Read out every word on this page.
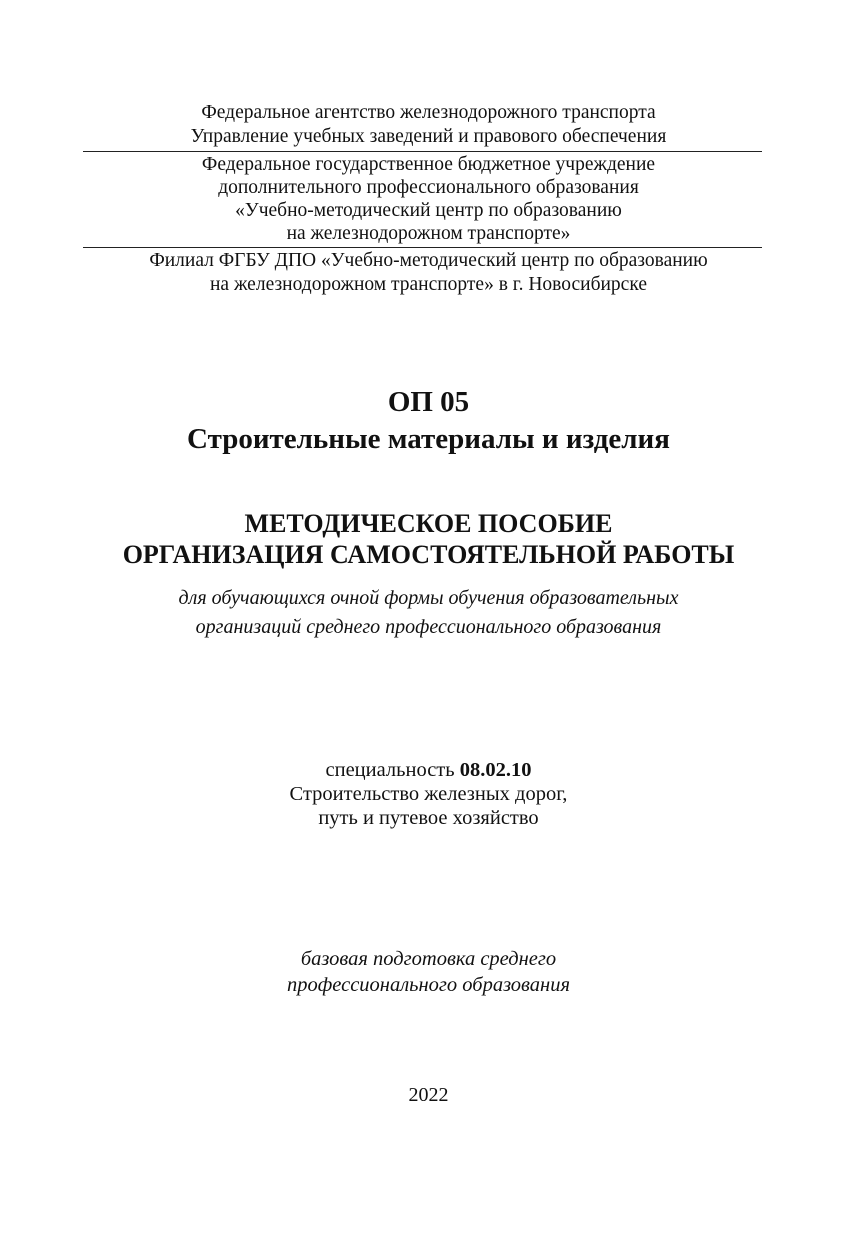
Федеральное агентство железнодорожного транспорта
Управление учебных заведений и правового обеспечения
Федеральное государственное бюджетное учреждение
дополнительного профессионального образования
«Учебно-методический центр по образованию
на железнодорожном транспорте»
Филиал ФГБУ ДПО «Учебно-методический центр по образованию
на железнодорожном транспорте» в г. Новосибирске
ОП 05
Строительные материалы и изделия
МЕТОДИЧЕСКОЕ ПОСОБИЕ
ОРГАНИЗАЦИЯ САМОСТОЯТЕЛЬНОЙ РАБОТЫ
для обучающихся очной формы обучения образовательных
организаций среднего профессионального образования
специальность 08.02.10
Строительство железных дорог,
путь и путевое хозяйство
базовая подготовка среднего
профессионального образования
2022
